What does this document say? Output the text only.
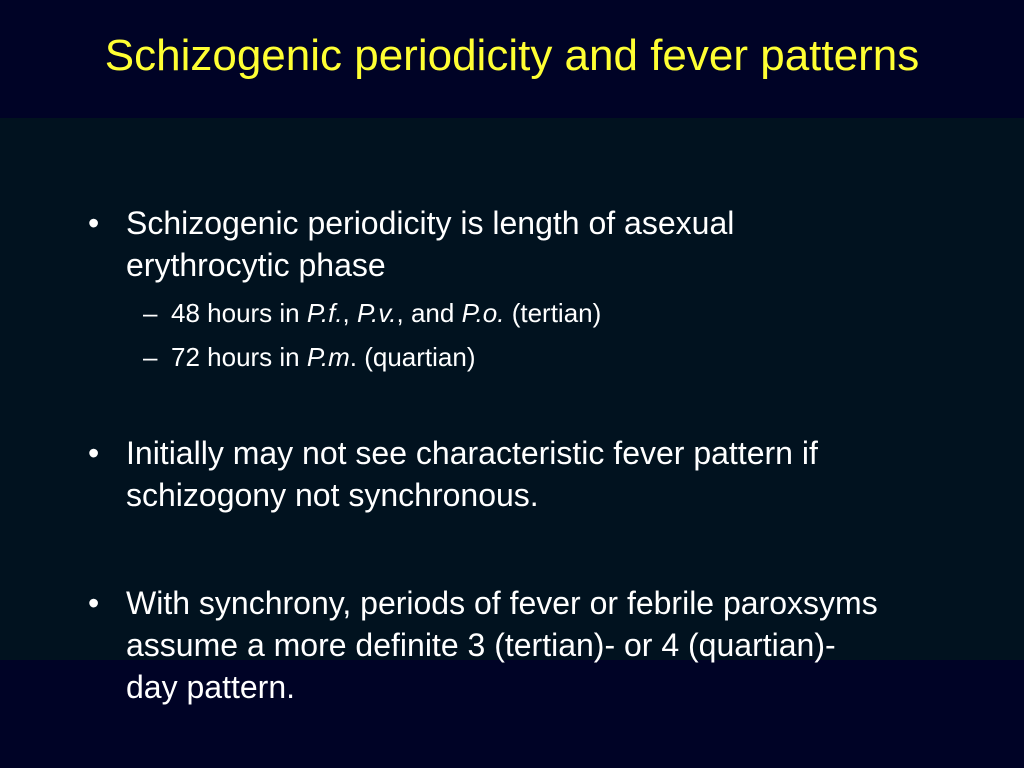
Schizogenic periodicity and fever patterns
• Schizogenic periodicity is length of asexual erythrocytic phase
– 48 hours in P.f., P.v., and P.o. (tertian)
– 72 hours in P.m. (quartian)
• Initially may not see characteristic fever pattern if schizogony not synchronous.
• With synchrony, periods of fever or febrile paroxsyms assume a more definite 3 (tertian)- or 4 (quartian)- day pattern.
